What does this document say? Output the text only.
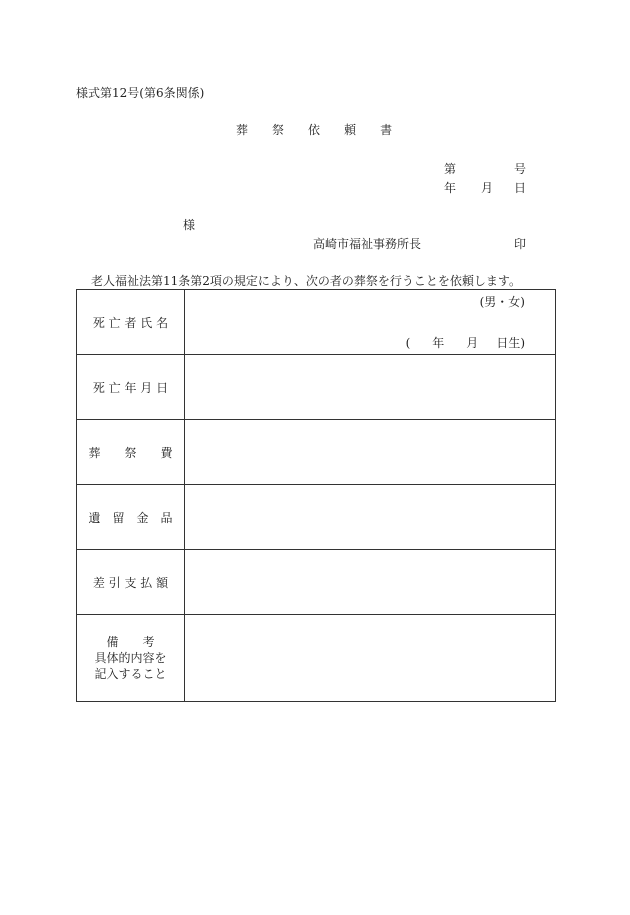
様式第12号(第6条関係)
葬 祭 依 頼 書
第	号
年 月 日
様
高崎市福祉事務所長	印
老人福祉法第11条第2項の規定により、次の者の葬祭を行うことを依頼します。
死 亡 者 氏 名	(男・女)
( 年 月 日生)

死 亡 年 月 日	
葬　　祭　　費	
遺　留　金　品	
差 引 支 払 額	

備　　考
具体的内容を
記入すること	
